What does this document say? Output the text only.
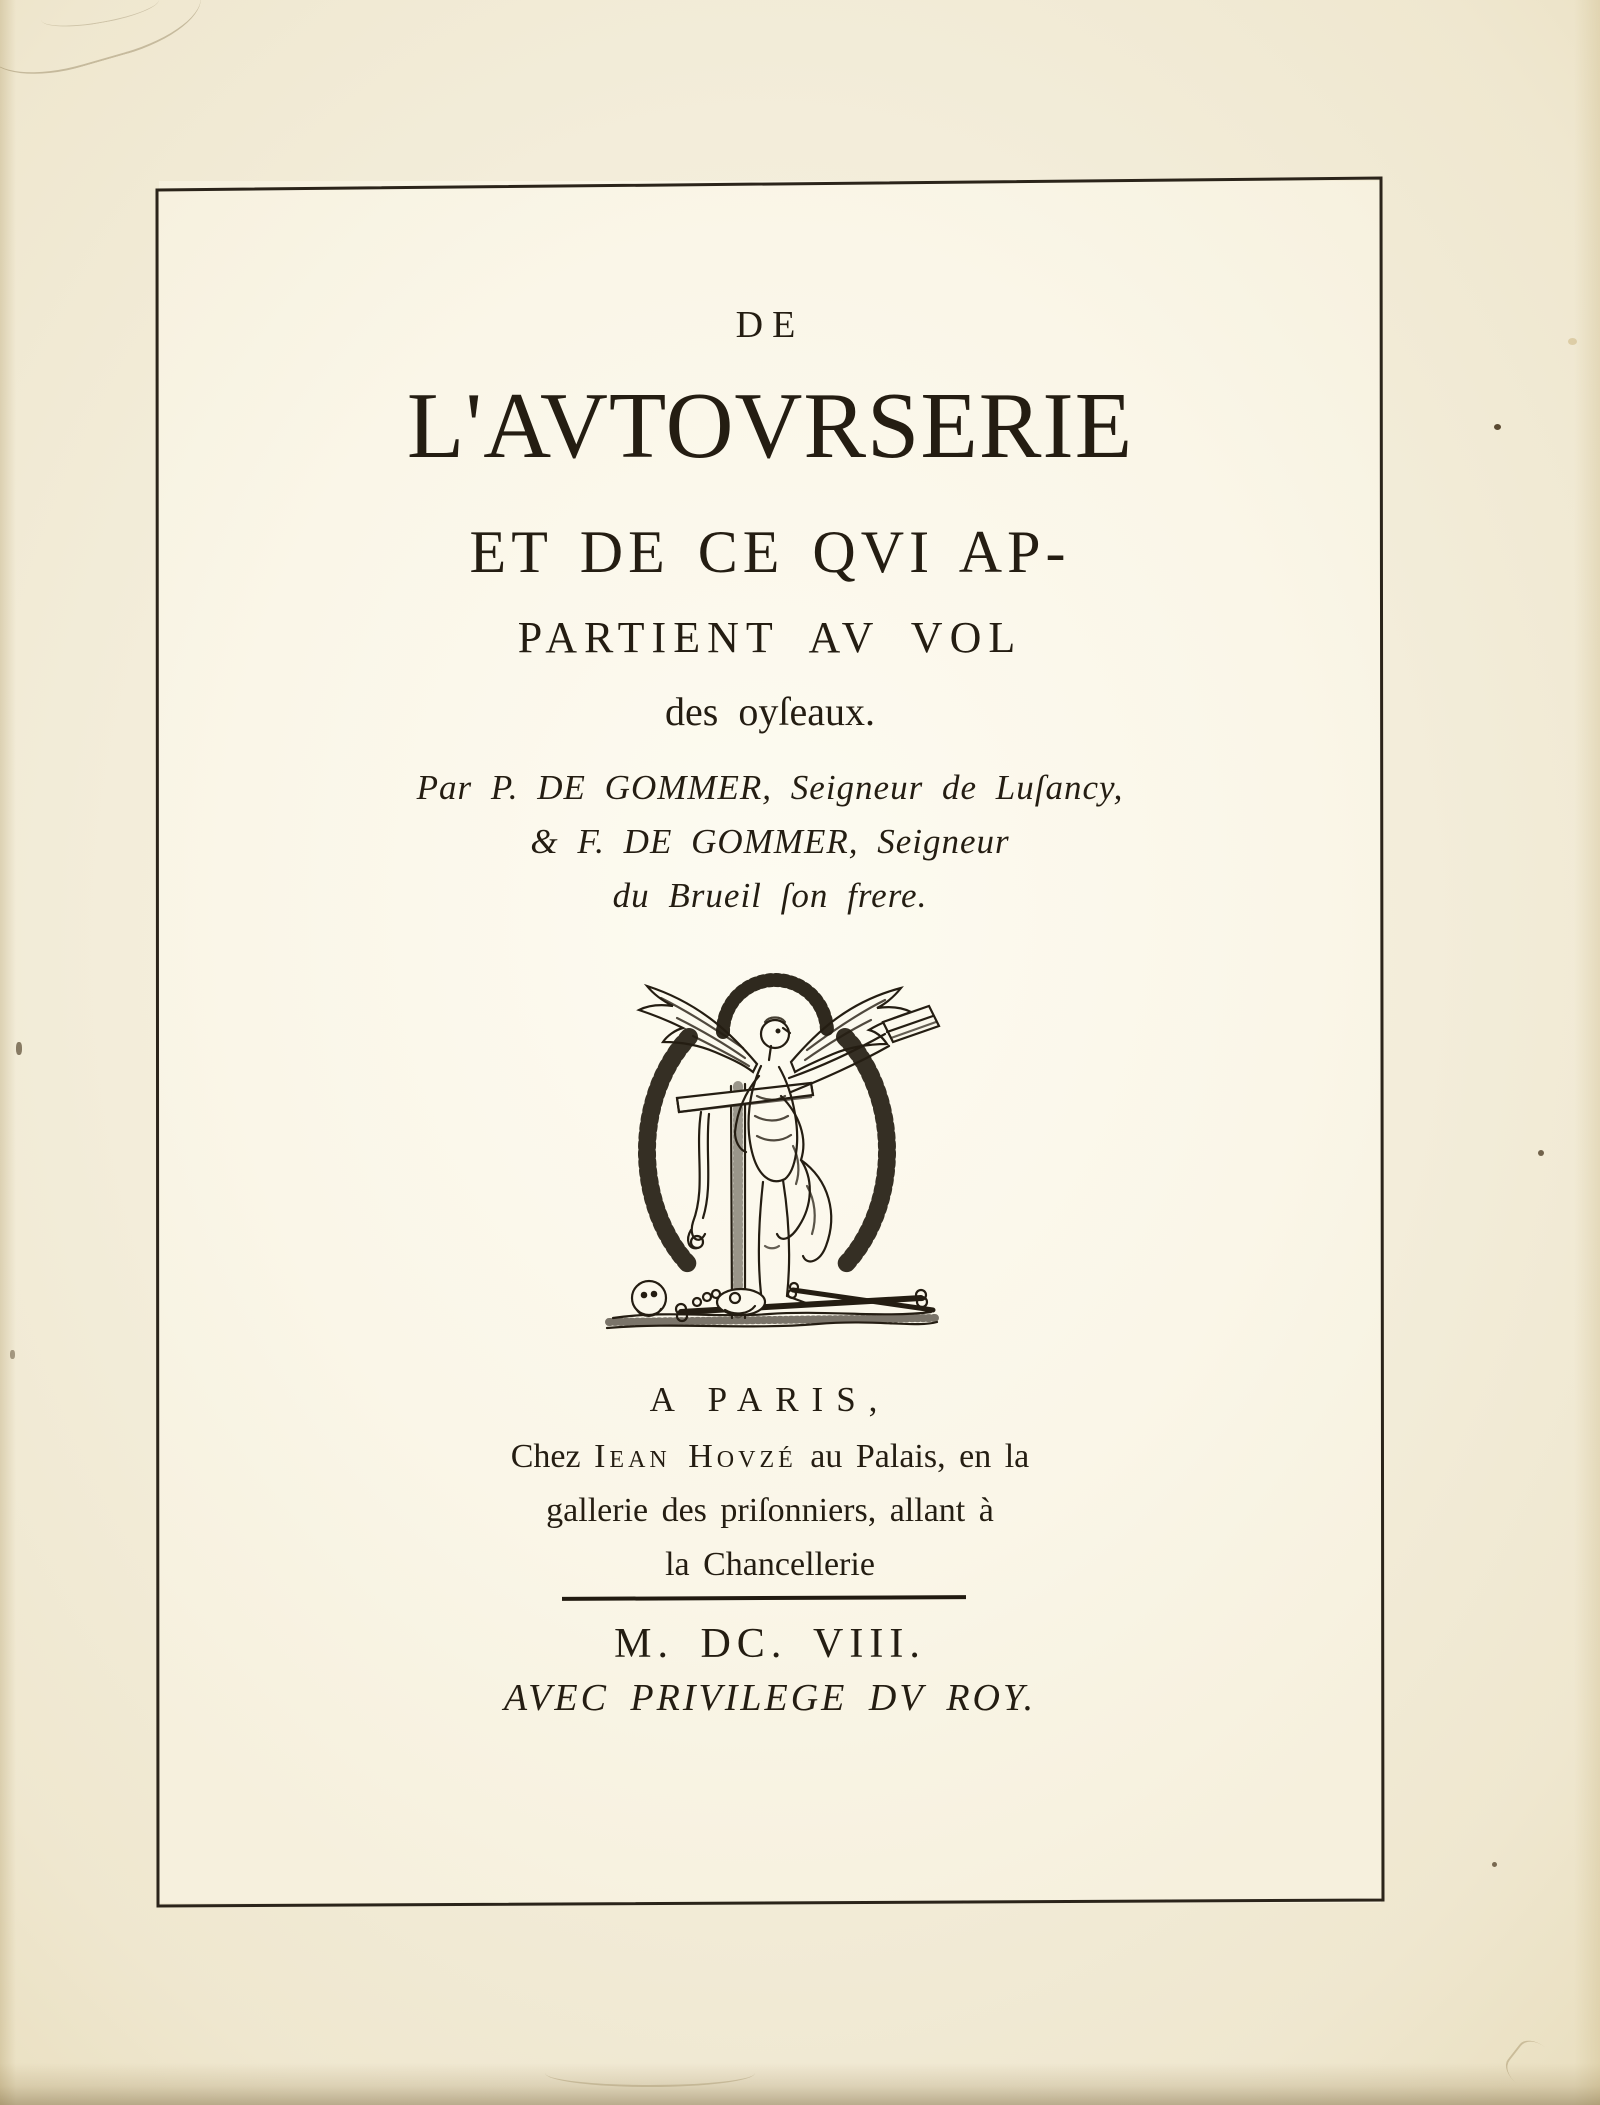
DE
L'AVTOVRSERIE
ET DE CE QVI AP-
PARTIENT AV VOL
des oyſeaux.
Par P. DE GOMMER, Seigneur de Luſancy,
& F. DE GOMMER, Seigneur
du Brueil ſon frere.
A PARIS,
Chez Iean Hovzé au Palais, en la
gallerie des priſonniers, allant à
la Chancellerie
M. DC. VIII.
AVEC PRIVILEGE DV ROY.
